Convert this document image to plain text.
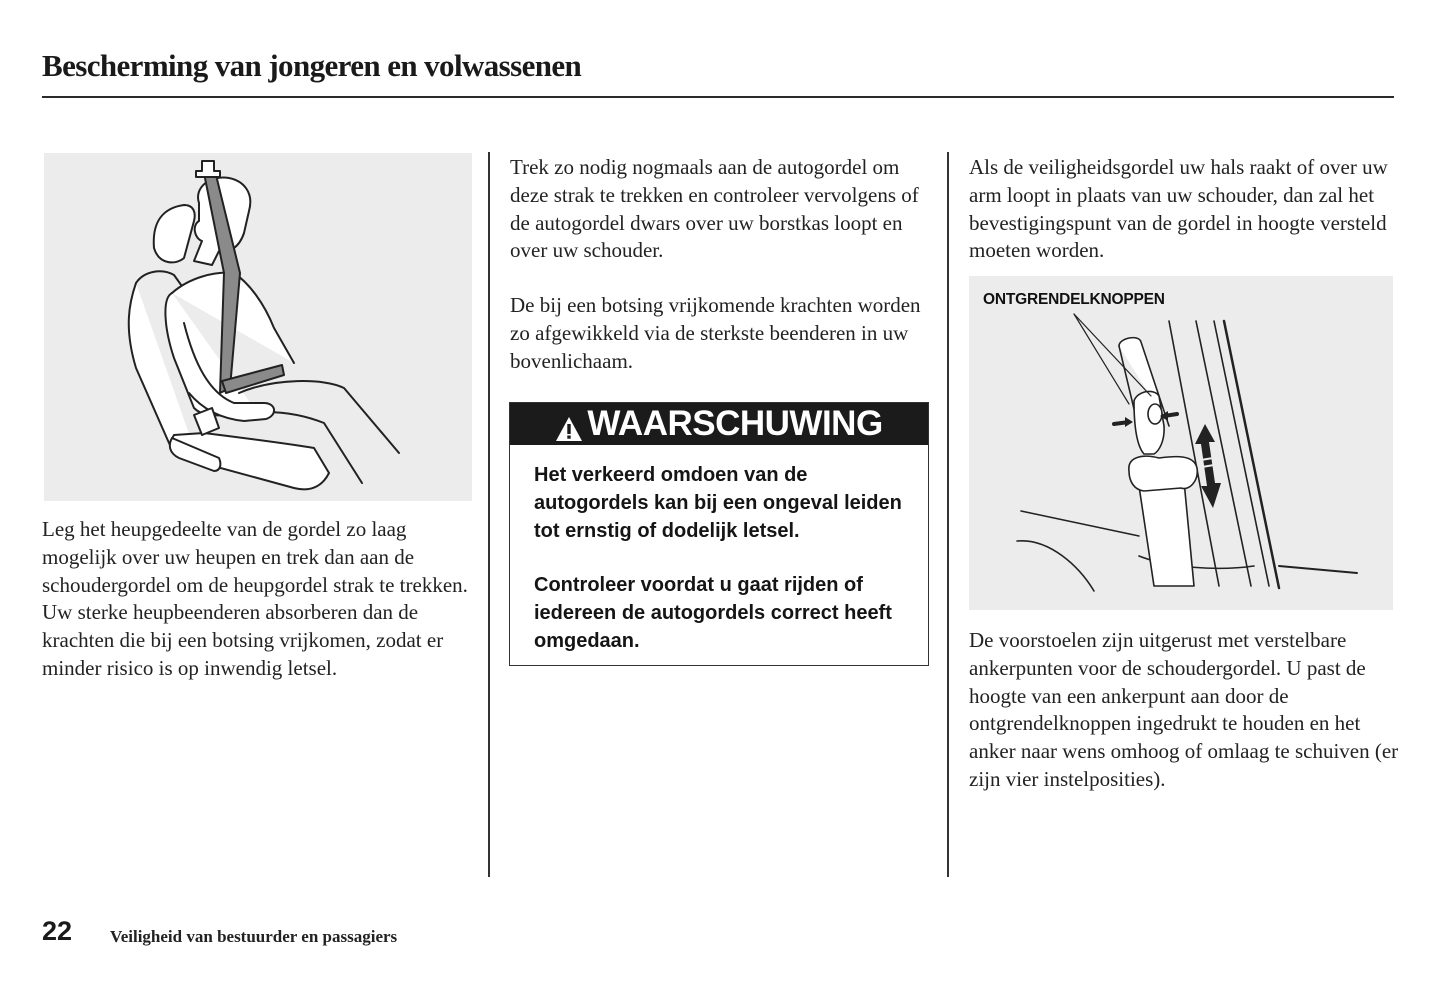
Bescherming van jongeren en volwassenen

Leg het heupgedeelte van de gordel zo laag mogelijk over uw heupen en trek dan aan de schoudergordel om de heupgordel strak te trekken. Uw sterke heupbeenderen absorberen dan de krachten die bij een botsing vrijkomen, zodat er minder risico is op inwendig letsel.

Trek zo nodig nogmaals aan de autogordel om deze strak te trekken en controleer vervolgens of de autogordel dwars over uw borstkas loopt en over uw schouder.

De bij een botsing vrijkomende krachten worden zo afgewikkeld via de sterkste beenderen in uw bovenlichaam.

WAARSCHUWING

Het verkeerd omdoen van de autogordels kan bij een ongeval leiden tot ernstig of dodelijk letsel.

Controleer voordat u gaat rijden of iedereen de autogordels correct heeft omgedaan.

Als de veiligheidsgordel uw hals raakt of over uw arm loopt in plaats van uw schouder, dan zal het bevestigingspunt van de gordel in hoogte versteld moeten worden.

ONTGRENDELKNOPPEN

De voorstoelen zijn uitgerust met verstelbare ankerpunten voor de schoudergordel. U past de hoogte van een ankerpunt aan door de ontgrendelknoppen ingedrukt te houden en het anker naar wens omhoog of omlaag te schuiven (er zijn vier instelposities).

22 Veiligheid van bestuurder en passagiers
